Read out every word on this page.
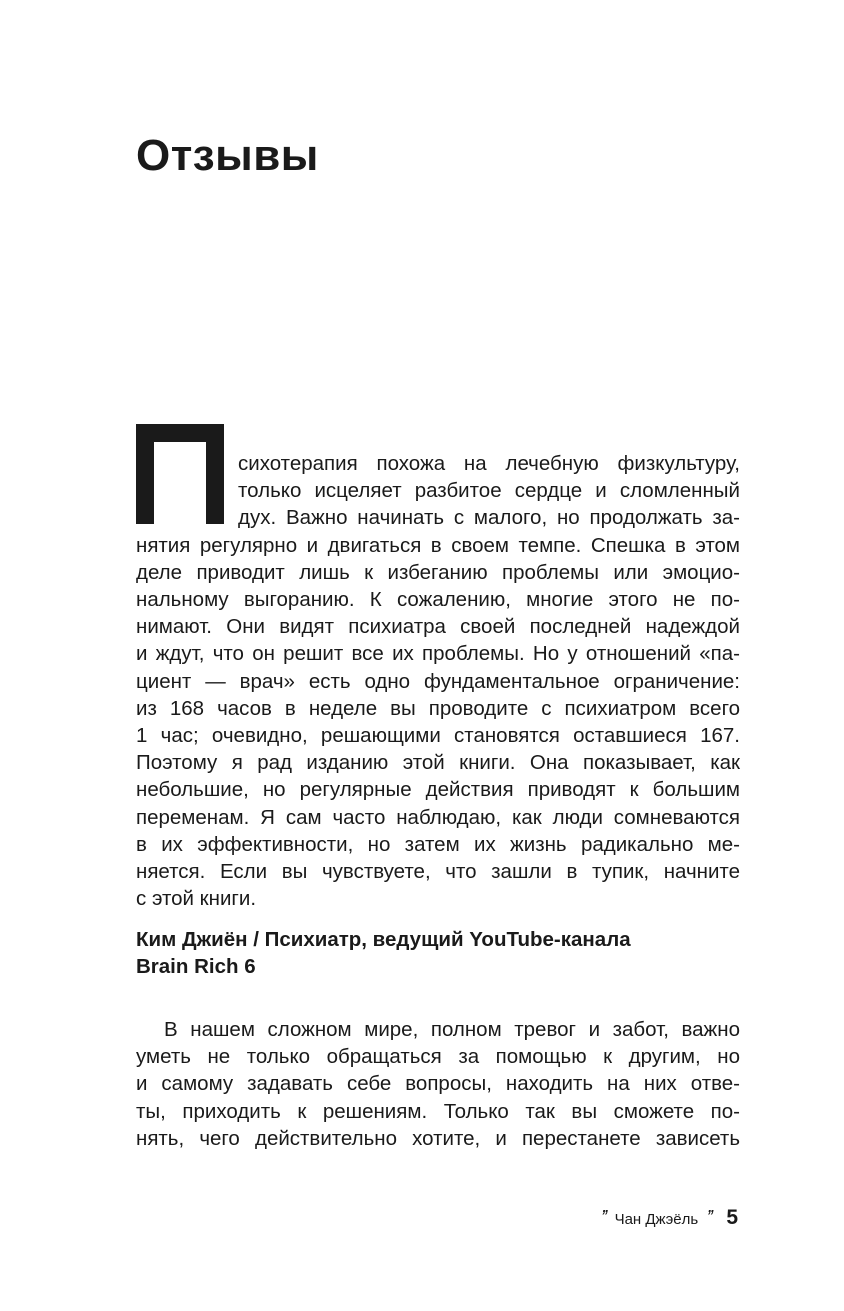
Отзывы
сихотерапия похожа на лечебную физкультуру,
только исцеляет разбитое сердце и сломленный
дух. Важно начинать с малого, но продолжать за-
нятия регулярно и двигаться в своем темпе. Спешка в этом
деле приводит лишь к избеганию проблемы или эмоцио-
нальному выгоранию. К сожалению, многие этого не по-
нимают. Они видят психиатра своей последней надеждой
и ждут, что он решит все их проблемы. Но у отношений «па-
циент — врач» есть одно фундаментальное ограничение:
из 168 часов в неделе вы проводите с психиатром всего
1 час; очевидно, решающими становятся оставшиеся 167.
Поэтому я рад изданию этой книги. Она показывает, как
небольшие, но регулярные действия приводят к большим
переменам. Я сам часто наблюдаю, как люди сомневаются
в их эффективности, но затем их жизнь радикально ме-
няется. Если вы чувствуете, что зашли в тупик, начните
с этой книги.
Ким Джиён / Психиатр, ведущий YouTube-канала
Brain Rich 6
В нашем сложном мире, полном тревог и забот, важно
уметь не только обращаться за помощью к другим, но
и самому задавать себе вопросы, находить на них отве-
ты, приходить к решениям. Только так вы сможете по-
нять, чего действительно хотите, и перестанете зависеть
’’ Чан Джэёль ’’ 5
